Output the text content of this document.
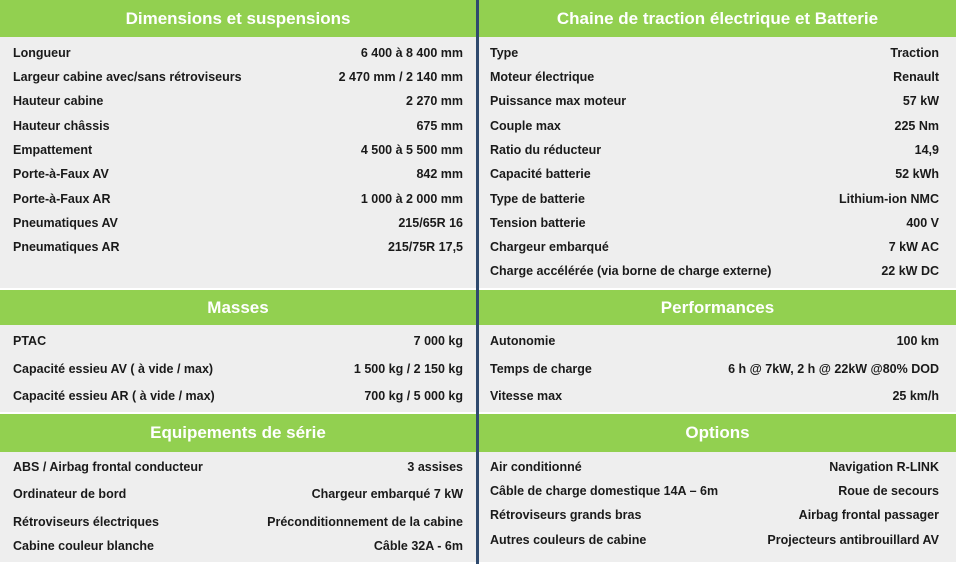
Dimensions et suspensions
Longueur	6 400 à 8 400 mm
Largeur cabine avec/sans rétroviseurs	2 470 mm / 2 140 mm
Hauteur cabine	2 270 mm
Hauteur châssis	675 mm
Empattement	4 500 à 5 500 mm
Porte-à-Faux AV	842 mm
Porte-à-Faux AR	1 000 à 2 000 mm
Pneumatiques AV	215/65R 16
Pneumatiques AR	215/75R 17,5
Masses
PTAC	7 000 kg
Capacité essieu AV ( à vide / max)	1 500 kg / 2 150 kg
Capacité essieu AR ( à vide / max)	700 kg / 5 000 kg
Equipements de série
ABS / Airbag frontal conducteur	3 assises
Ordinateur de bord	Chargeur embarqué 7 kW
Rétroviseurs électriques	Préconditionnement de la cabine
Cabine couleur blanche	Câble 32A - 6m
Chaine de traction électrique et Batterie
Type	Traction
Moteur électrique	Renault
Puissance max moteur	57 kW
Couple max	225 Nm
Ratio du réducteur	14,9
Capacité batterie	52 kWh
Type de batterie	Lithium-ion NMC
Tension batterie	400 V
Chargeur embarqué	7 kW AC
Charge accélérée (via borne de charge externe)	22 kW DC
Performances
Autonomie	100 km
Temps de charge	6 h @ 7kW, 2 h @ 22kW @80% DOD
Vitesse max	25 km/h
Options
Air conditionné	Navigation R-LINK
Câble de charge domestique 14A – 6m	Roue de secours
Rétroviseurs grands bras	Airbag frontal passager
Autres couleurs de cabine	Projecteurs antibrouillard AV
